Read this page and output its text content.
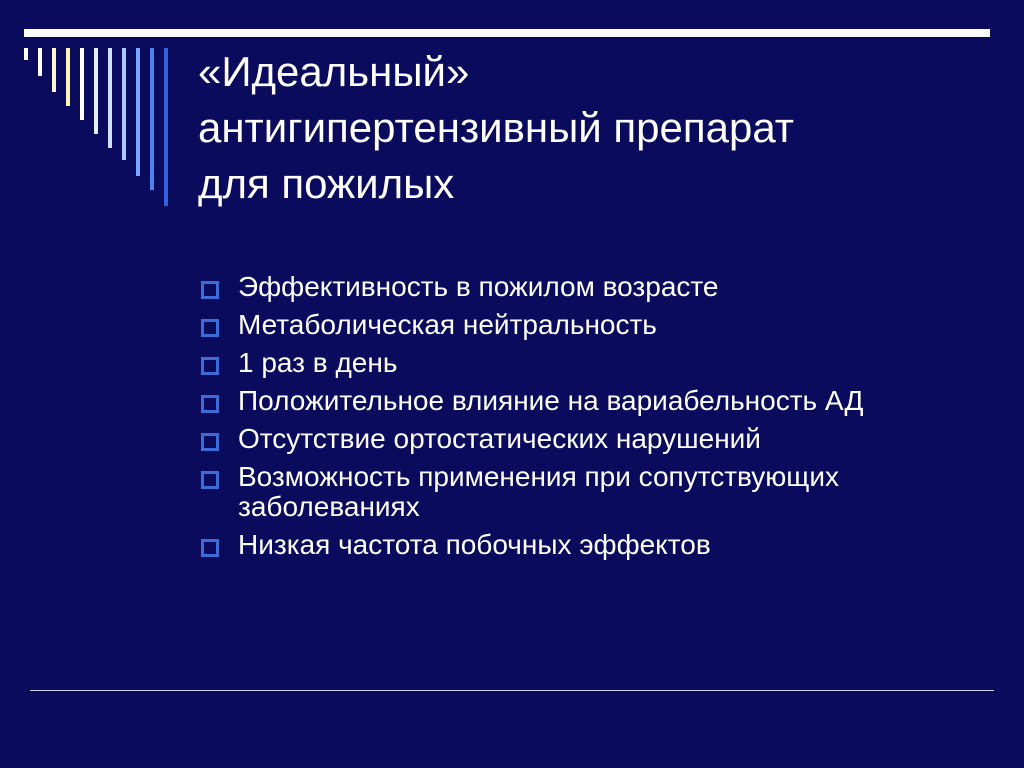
«Идеальный»
антигипертензивный препарат
для пожилых
Эффективность в пожилом возрасте
Метаболическая нейтральность
1 раз в день
Положительное влияние на вариабельность АД
Отсутствие ортостатических нарушений
Возможность применения при сопутствующих заболеваниях
Низкая частота побочных эффектов
